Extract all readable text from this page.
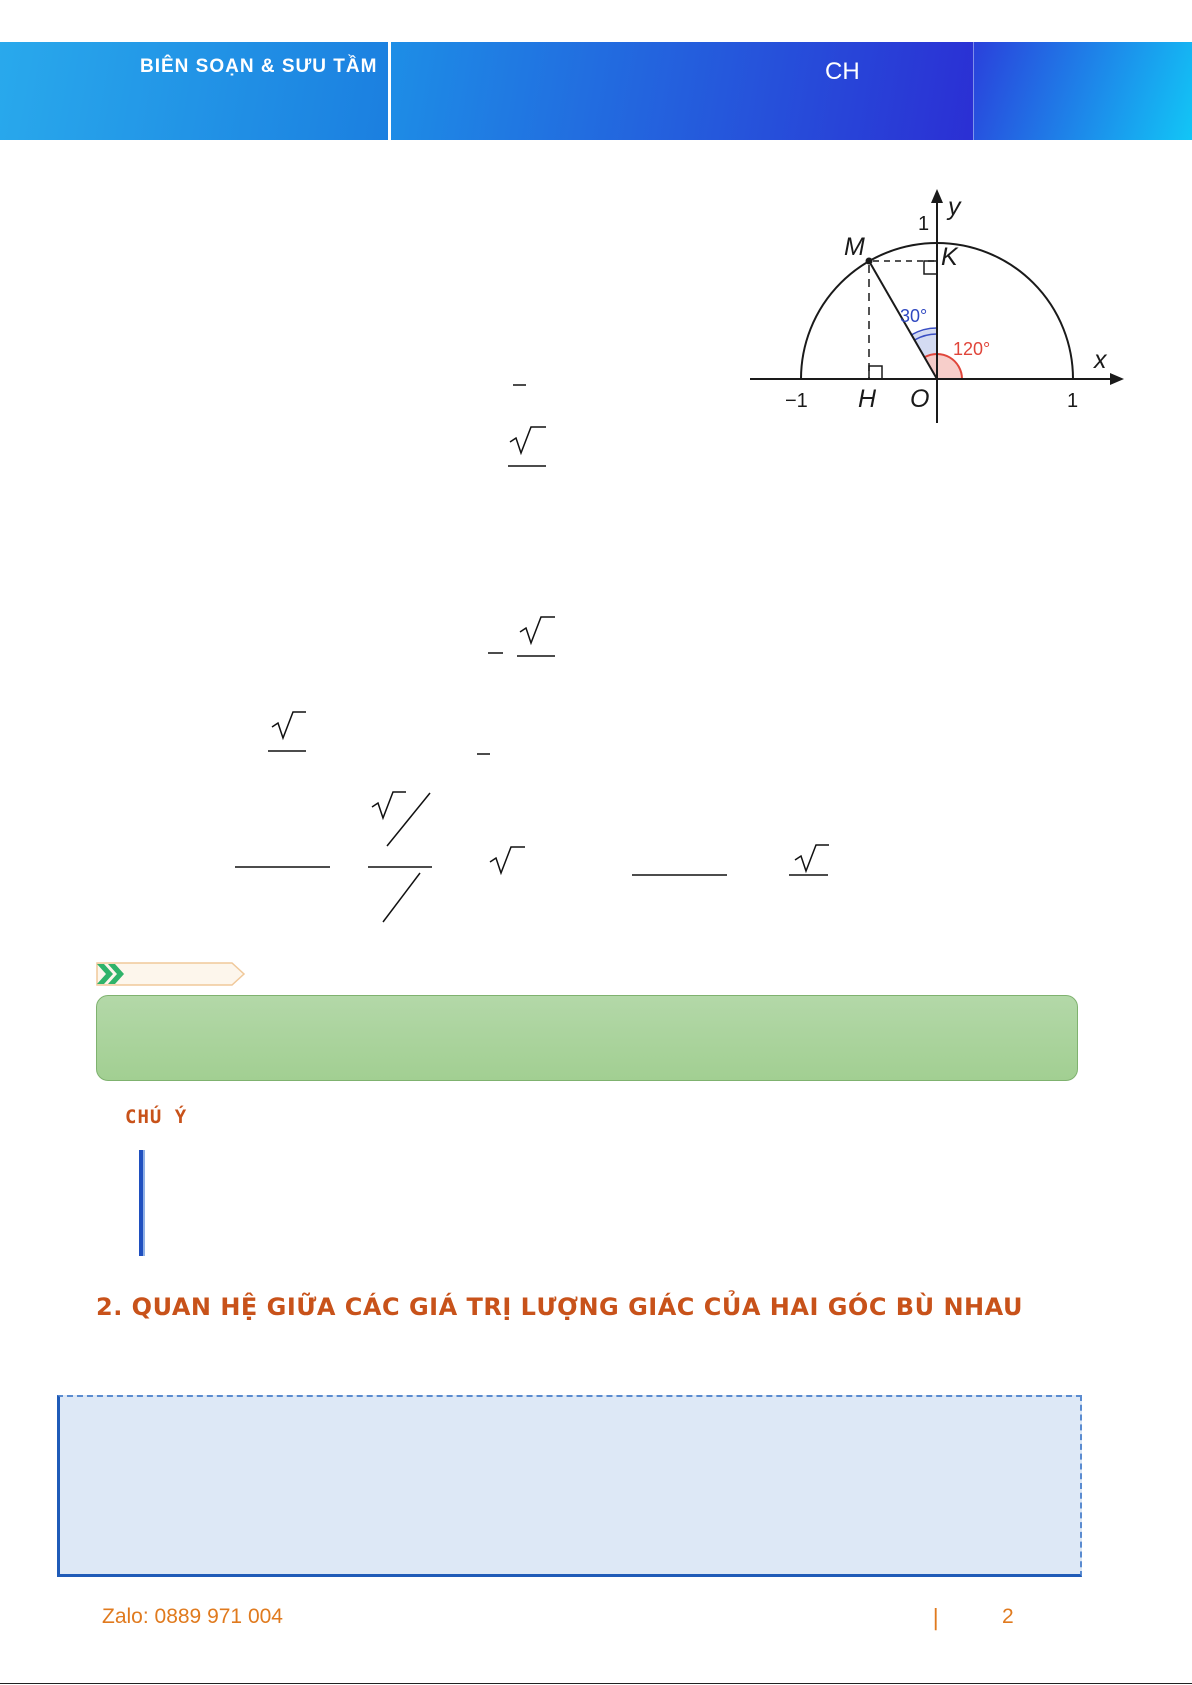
BIÊN SOẠN & SƯU TẦM	CH
M	K
H O
x
y
1
−1	1
30°
120°
CHÚ Ý
2. QUAN HỆ GIỮA CÁC GIÁ TRỊ LƯỢNG GIÁC CỦA HAI GÓC BÙ NHAU
Zalo: 0889 971 004	|	2
